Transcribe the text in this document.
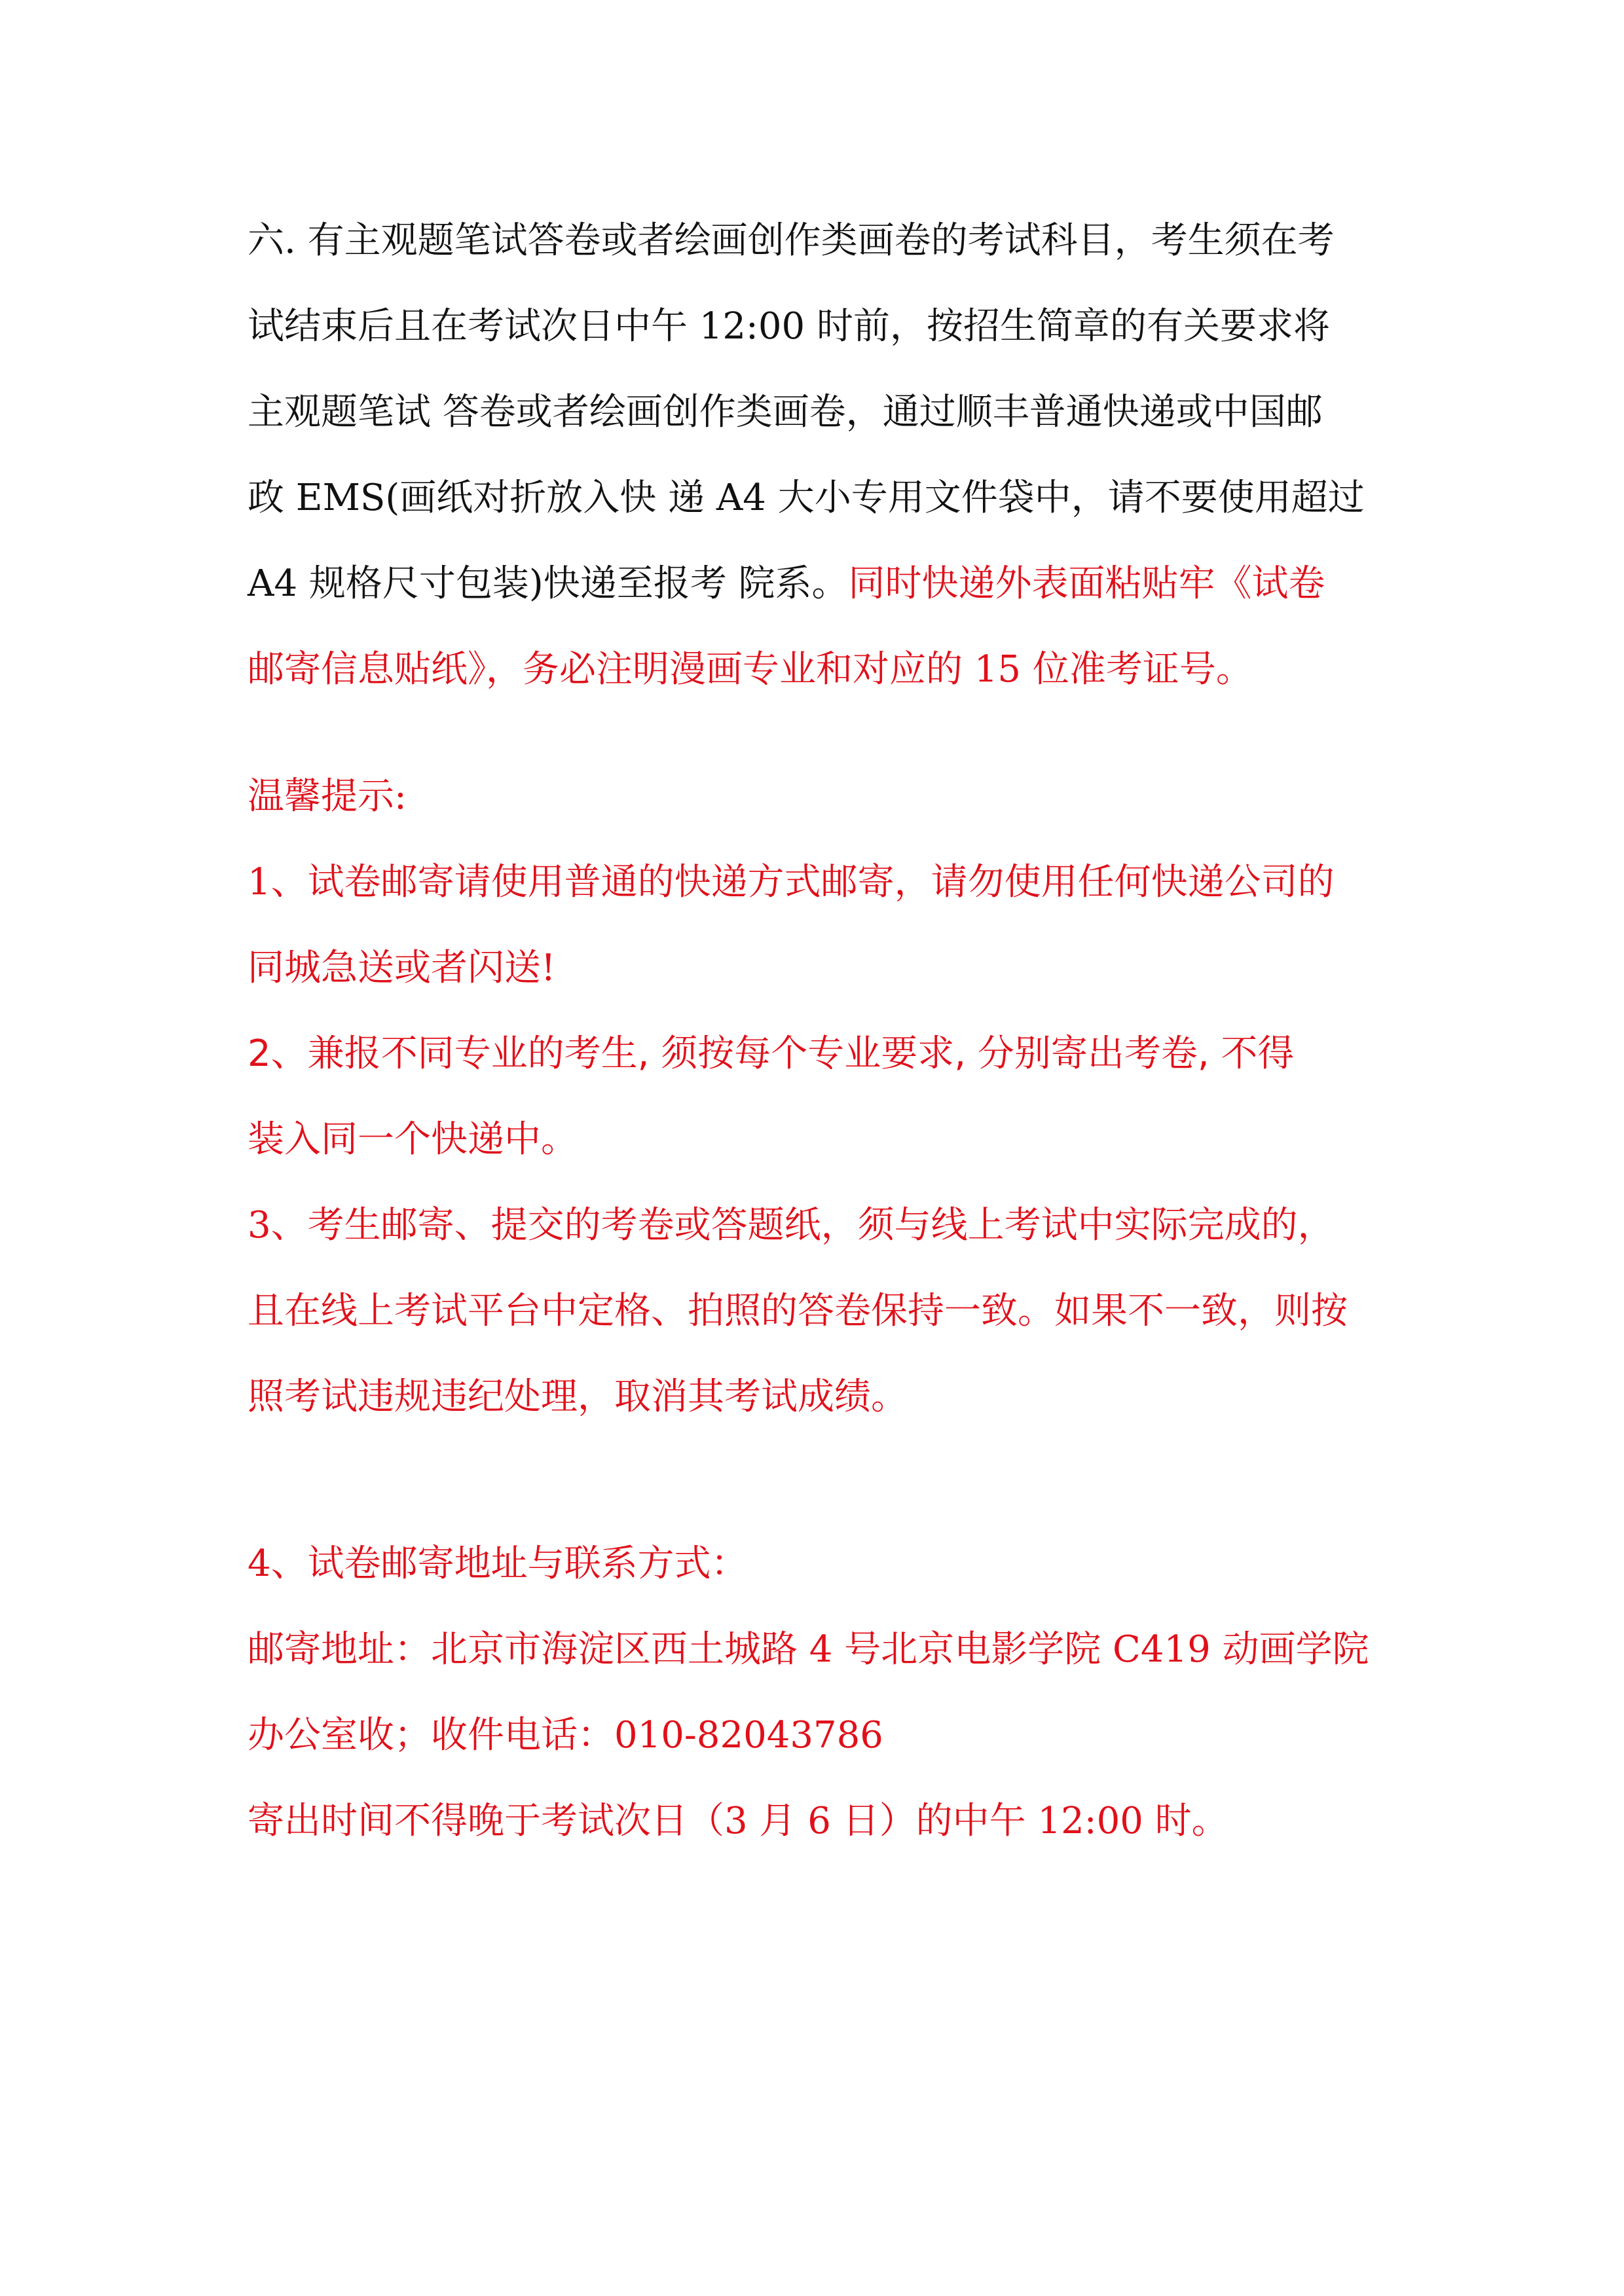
六. 有主观题笔试答卷或者绘画创作类画卷的考试科目，考生须在考
试结束后且在考试次日中午 12:00 时前，按招生简章的有关要求将
主观题笔试 答卷或者绘画创作类画卷，通过顺丰普通快递或中国邮
政 EMS(画纸对折放入快 递 A4 大小专用文件袋中，请不要使用超过
A4 规格尺寸包装)快递至报考 院系。同时快递外表面粘贴牢《试卷
邮寄信息贴纸》，务必注明漫画专业和对应的 15 位准考证号。
温馨提示:
1、试卷邮寄请使用普通的快递方式邮寄，请勿使用任何快递公司的
同城急送或者闪送!
2、兼报不同专业的考生, 须按每个专业要求, 分别寄出考卷, 不得
装入同一个快递中。
3、考生邮寄、提交的考卷或答题纸，须与线上考试中实际完成的，
且在线上考试平台中定格、拍照的答卷保持一致。如果不一致，则按
照考试违规违纪处理，取消其考试成绩。
4、试卷邮寄地址与联系方式：
邮寄地址：北京市海淀区西土城路 4 号北京电影学院 C419 动画学院
办公室收；收件电话：010-82043786
寄出时间不得晚于考试次日（3 月 6 日）的中午 12:00 时。
